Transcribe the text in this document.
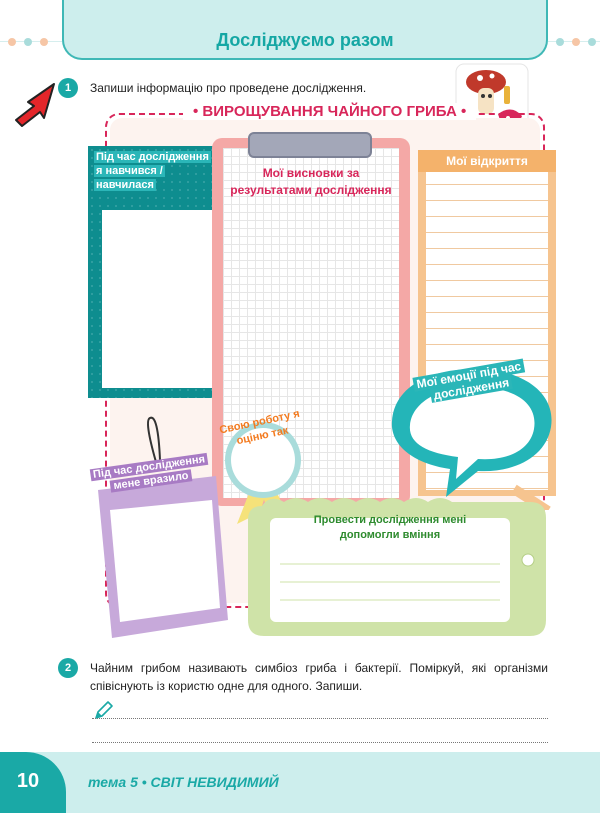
Досліджуємо разом
1	Запиши інформацію про проведене дослідження.
• ВИРОЩУВАННЯ ЧАЙНОГО ГРИБА •
Під час дослідження я навчився / навчилася
Мої висновки за результатами дослідження
Мої відкриття
Мої емоції під час дослідження
Свою роботу я оціню так
Під час дослідження мене вразило
Провести дослідження мені допомогли вміння
2	Чайним грибом називають симбіоз гриба і бактерії. Поміркуй, які організми співіснують із користю одне для одного. Запиши.
10	тема 5 • СВІТ НЕВИДИМИЙ
